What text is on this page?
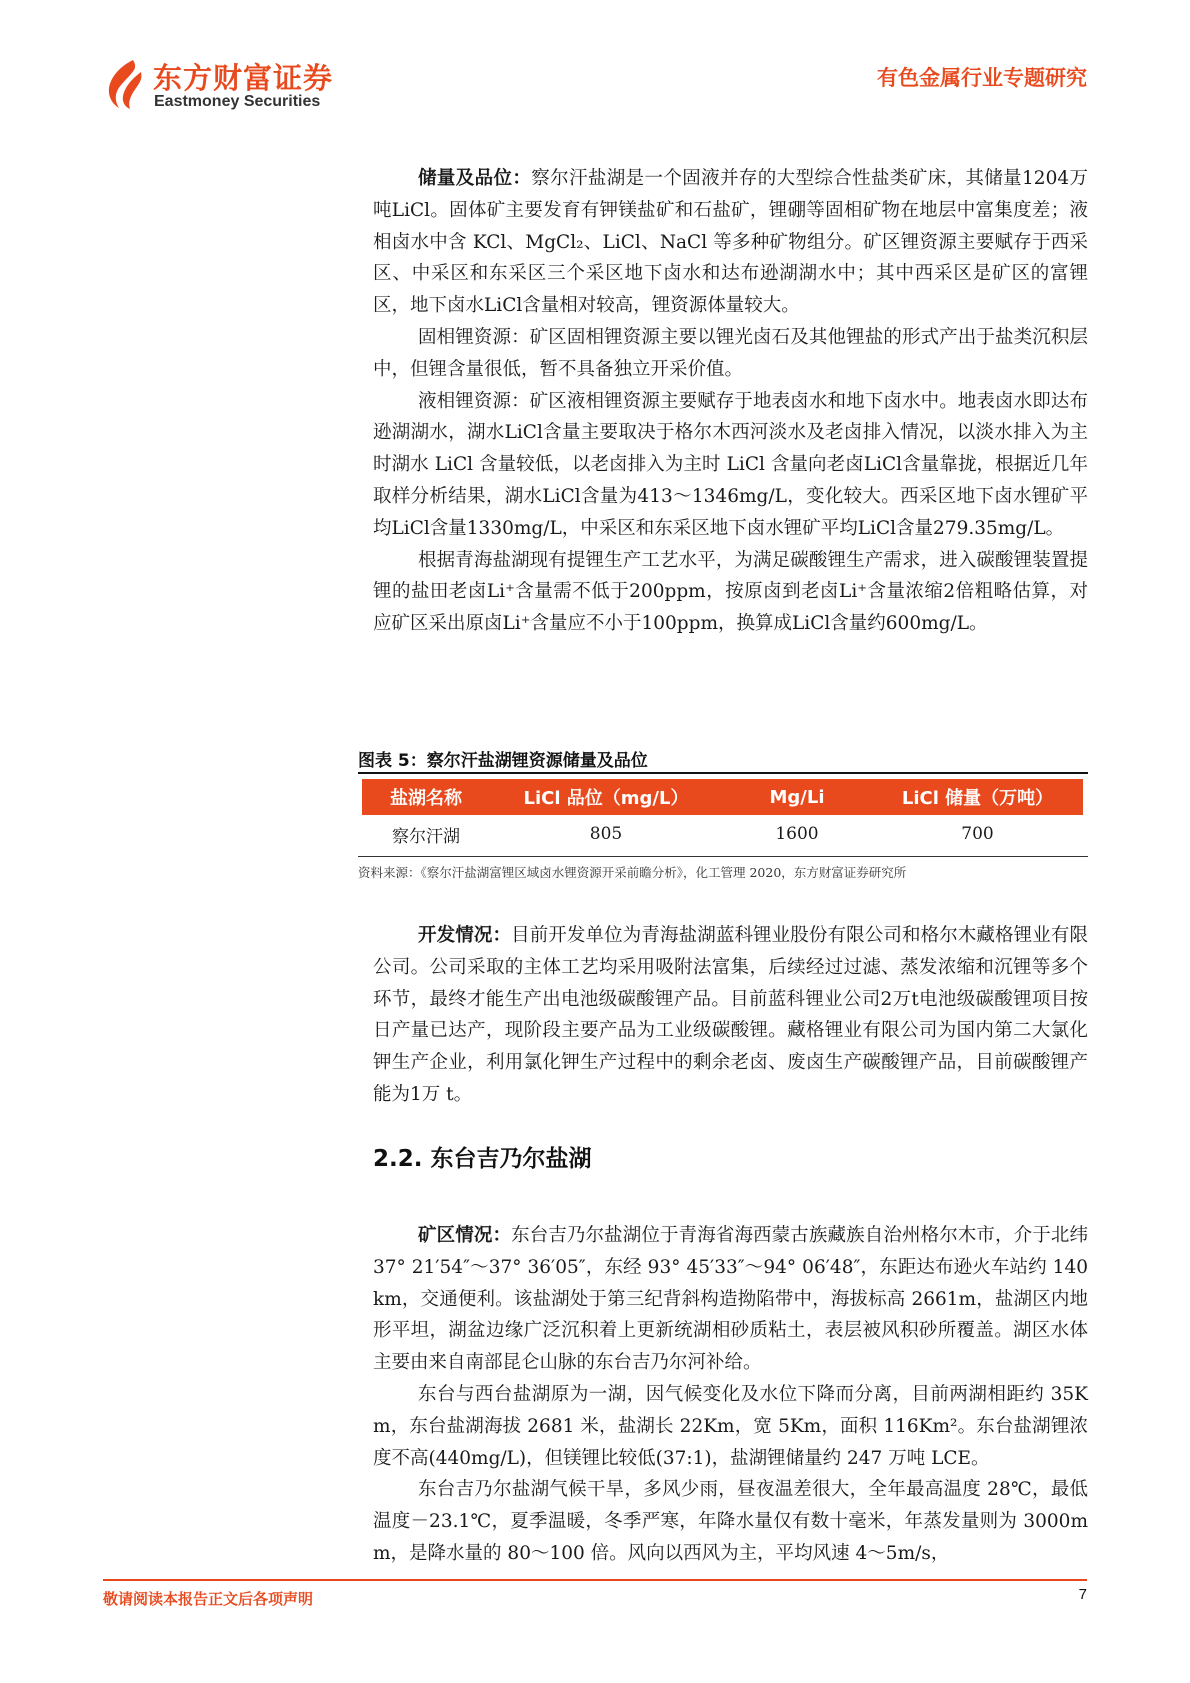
东方财富证券
Eastmoney Securities
有色金属行业专题研究

储量及品位：察尔汗盐湖是一个固液并存的大型综合性盐类矿床，其储量1204万吨LiCl。固体矿主要发育有钾镁盐矿和石盐矿，锂硼等固相矿物在地层中富集度差；液相卤水中含 KCl、MgCl₂、LiCl、NaCl 等多种矿物组分。矿区锂资源主要赋存于西采区、中采区和东采区三个采区地下卤水和达布逊湖湖水中；其中西采区是矿区的富锂区，地下卤水LiCl含量相对较高，锂资源体量较大。

固相锂资源：矿区固相锂资源主要以锂光卤石及其他锂盐的形式产出于盐类沉积层中，但锂含量很低，暂不具备独立开采价值。

液相锂资源：矿区液相锂资源主要赋存于地表卤水和地下卤水中。地表卤水即达布逊湖湖水，湖水LiCl含量主要取决于格尔木西河淡水及老卤排入情况，以淡水排入为主时湖水 LiCl 含量较低，以老卤排入为主时 LiCl 含量向老卤LiCl含量靠拢，根据近几年取样分析结果，湖水LiCl含量为413～1346mg/L，变化较大。西采区地下卤水锂矿平均LiCl含量1330mg/L，中采区和东采区地下卤水锂矿平均LiCl含量279.35mg/L。

根据青海盐湖现有提锂生产工艺水平，为满足碳酸锂生产需求，进入碳酸锂装置提锂的盐田老卤Li⁺含量需不低于200ppm，按原卤到老卤Li⁺含量浓缩2倍粗略估算，对应矿区采出原卤Li⁺含量应不小于100ppm，换算成LiCl含量约600mg/L。

图表 5：察尔汗盐湖锂资源储量及品位
盐湖名称	LiCl 品位（mg/L）	Mg/Li	LiCl 储量（万吨）
察尔汗湖	805	1600	700
资料来源：《察尔汗盐湖富锂区域卤水锂资源开采前瞻分析》，化工管理 2020，东方财富证券研究所

开发情况：目前开发单位为青海盐湖蓝科锂业股份有限公司和格尔木藏格锂业有限公司。公司采取的主体工艺均采用吸附法富集，后续经过过滤、蒸发浓缩和沉锂等多个环节，最终才能生产出电池级碳酸锂产品。目前蓝科锂业公司2万t电池级碳酸锂项目按日产量已达产，现阶段主要产品为工业级碳酸锂。藏格锂业有限公司为国内第二大氯化钾生产企业，利用氯化钾生产过程中的剩余老卤、废卤生产碳酸锂产品，目前碳酸锂产能为1万 t。

2.2. 东台吉乃尔盐湖

矿区情况：东台吉乃尔盐湖位于青海省海西蒙古族藏族自治州格尔木市，介于北纬 37° 21′54″～37° 36′05″，东经 93° 45′33″～94° 06′48″，东距达布逊火车站约 140km，交通便利。该盐湖处于第三纪背斜构造拗陷带中，海拔标高 2661m，盐湖区内地形平坦，湖盆边缘广泛沉积着上更新统湖相砂质粘土，表层被风积砂所覆盖。湖区水体主要由来自南部昆仑山脉的东台吉乃尔河补给。

东台与西台盐湖原为一湖，因气候变化及水位下降而分离，目前两湖相距约 35Km，东台盐湖海拔 2681 米，盐湖长 22Km，宽 5Km，面积 116Km²。东台盐湖锂浓度不高(440mg/L)，但镁锂比较低(37:1)，盐湖锂储量约 247 万吨 LCE。

东台吉乃尔盐湖气候干旱，多风少雨，昼夜温差很大，全年最高温度 28℃，最低温度－23.1℃，夏季温暖，冬季严寒，年降水量仅有数十毫米，年蒸发量则为 3000mm，是降水量的 80～100 倍。风向以西风为主，平均风速 4～5m/s，

敬请阅读本报告正文后各项声明	7
